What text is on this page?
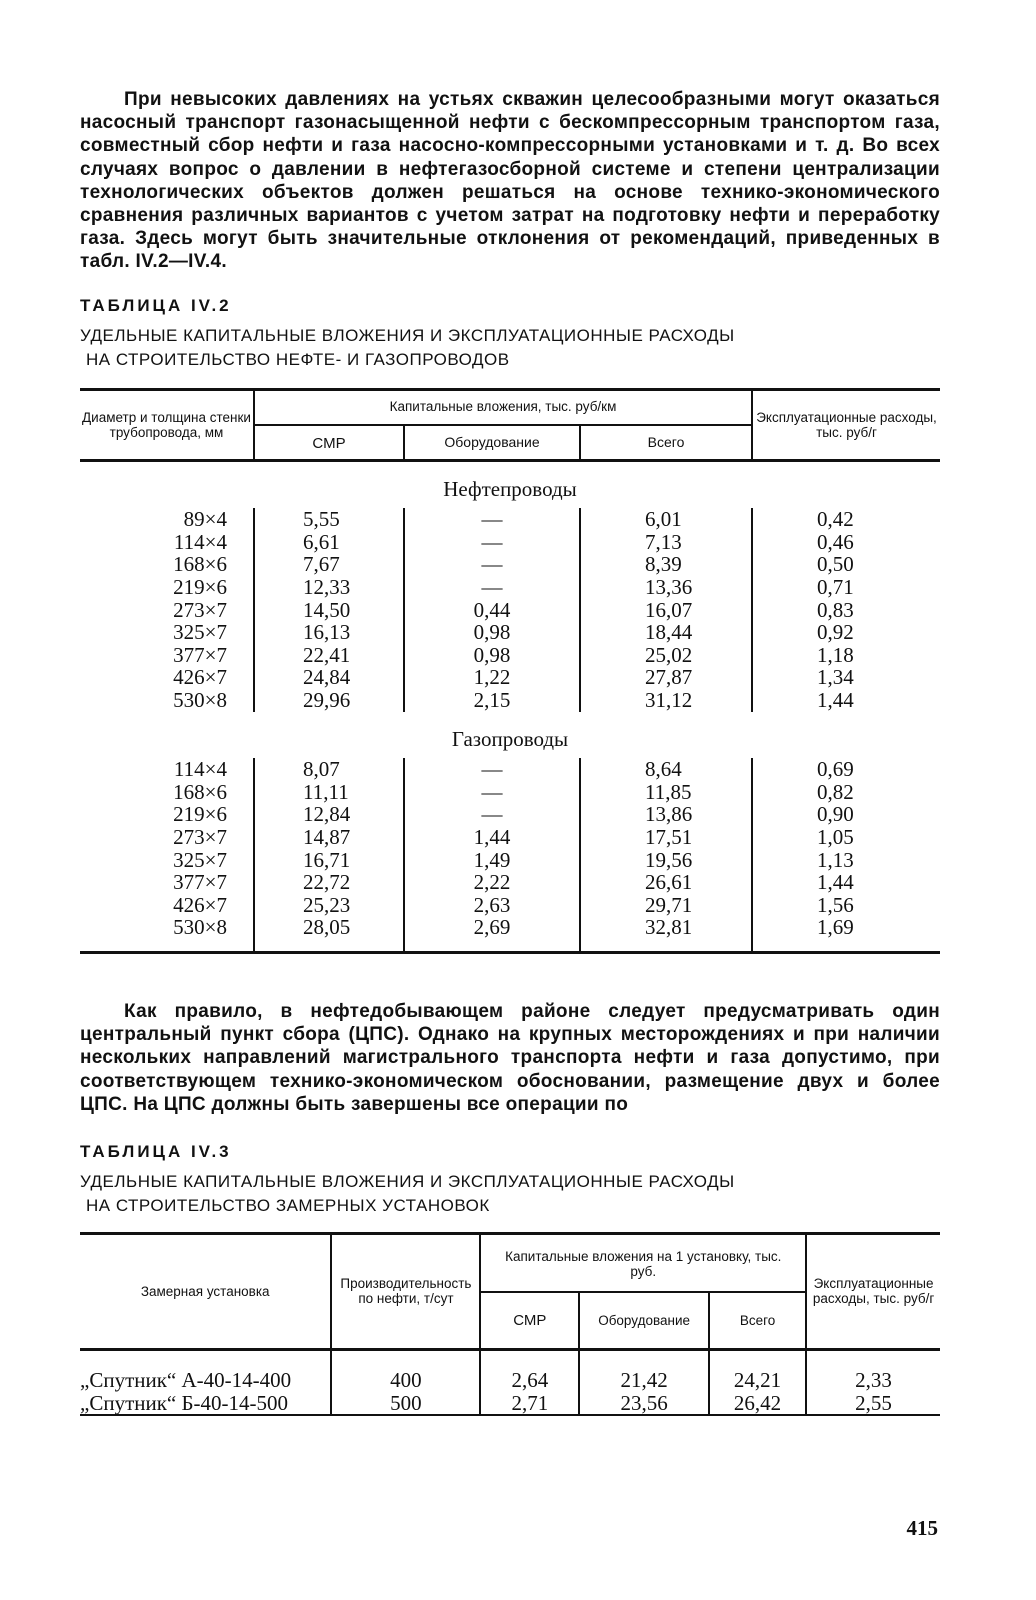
При невысоких давлениях на устьях скважин целесообразными могут оказаться насосный транспорт газонасыщенной нефти с бескомпрессорным транспортом газа, совместный сбор нефти и газа насосно-компрессорными установками и т. д. Во всех случаях вопрос о давлении в нефтегазосборной системе и степени централизации технологических объектов должен решаться на основе технико-экономического сравнения различных вариантов с учетом затрат на подготовку нефти и переработку газа. Здесь могут быть значительные отклонения от рекомендаций, приведенных в табл. IV.2—IV.4.

ТАБЛИЦА IV.2
УДЕЛЬНЫЕ КАПИТАЛЬНЫЕ ВЛОЖЕНИЯ И ЭКСПЛУАТАЦИОННЫЕ РАСХОДЫ
НА СТРОИТЕЛЬСТВО НЕФТЕ- И ГАЗОПРОВОДОВ
Диаметр и толщина стенки трубопровода, мм	Капитальные вложения, тыс. руб/км			Эксплуатационные расходы, тыс. руб/г
	СМР	Оборудование	Всего	
Нефтепроводы				
89×4	5,55	—	6,01	0,42
114×4	6,61	—	7,13	0,46
168×6	7,67	—	8,39	0,50
219×6	12,33	—	13,36	0,71
273×7	14,50	0,44	16,07	0,83
325×7	16,13	0,98	18,44	0,92
377×7	22,41	0,98	25,02	1,18
426×7	24,84	1,22	27,87	1,34
530×8	29,96	2,15	31,12	1,44
Газопроводы				
114×4	8,07	—	8,64	0,69
168×6	11,11	—	11,85	0,82
219×6	12,84	—	13,86	0,90
273×7	14,87	1,44	17,51	1,05
325×7	16,71	1,49	19,56	1,13
377×7	22,72	2,22	26,61	1,44
426×7	25,23	2,63	29,71	1,56
530×8	28,05	2,69	32,81	1,69

Как правило, в нефтедобывающем районе следует предусматривать один центральный пункт сбора (ЦПС). Однако на крупных месторождениях и при наличии нескольких направлений магистрального транспорта нефти и газа допустимо, при соответствующем технико-экономическом обосновании, размещение двух и более ЦПС. На ЦПС должны быть завершены все операции по

ТАБЛИЦА IV.3
УДЕЛЬНЫЕ КАПИТАЛЬНЫЕ ВЛОЖЕНИЯ И ЭКСПЛУАТАЦИОННЫЕ РАСХОДЫ
НА СТРОИТЕЛЬСТВО ЗАМЕРНЫХ УСТАНОВОК
Замерная установка	Производительность по нефти, т/сут	Капитальные вложения на 1 установку, тыс. руб.			Эксплуатационные расходы, тыс. руб/г
		СМР	Оборудование	Всего	
„Спутник“ А-40-14-400	400	2,64	21,42	24,21	2,33
„Спутник“ Б-40-14-500	500	2,71	23,56	26,42	2,55
415
